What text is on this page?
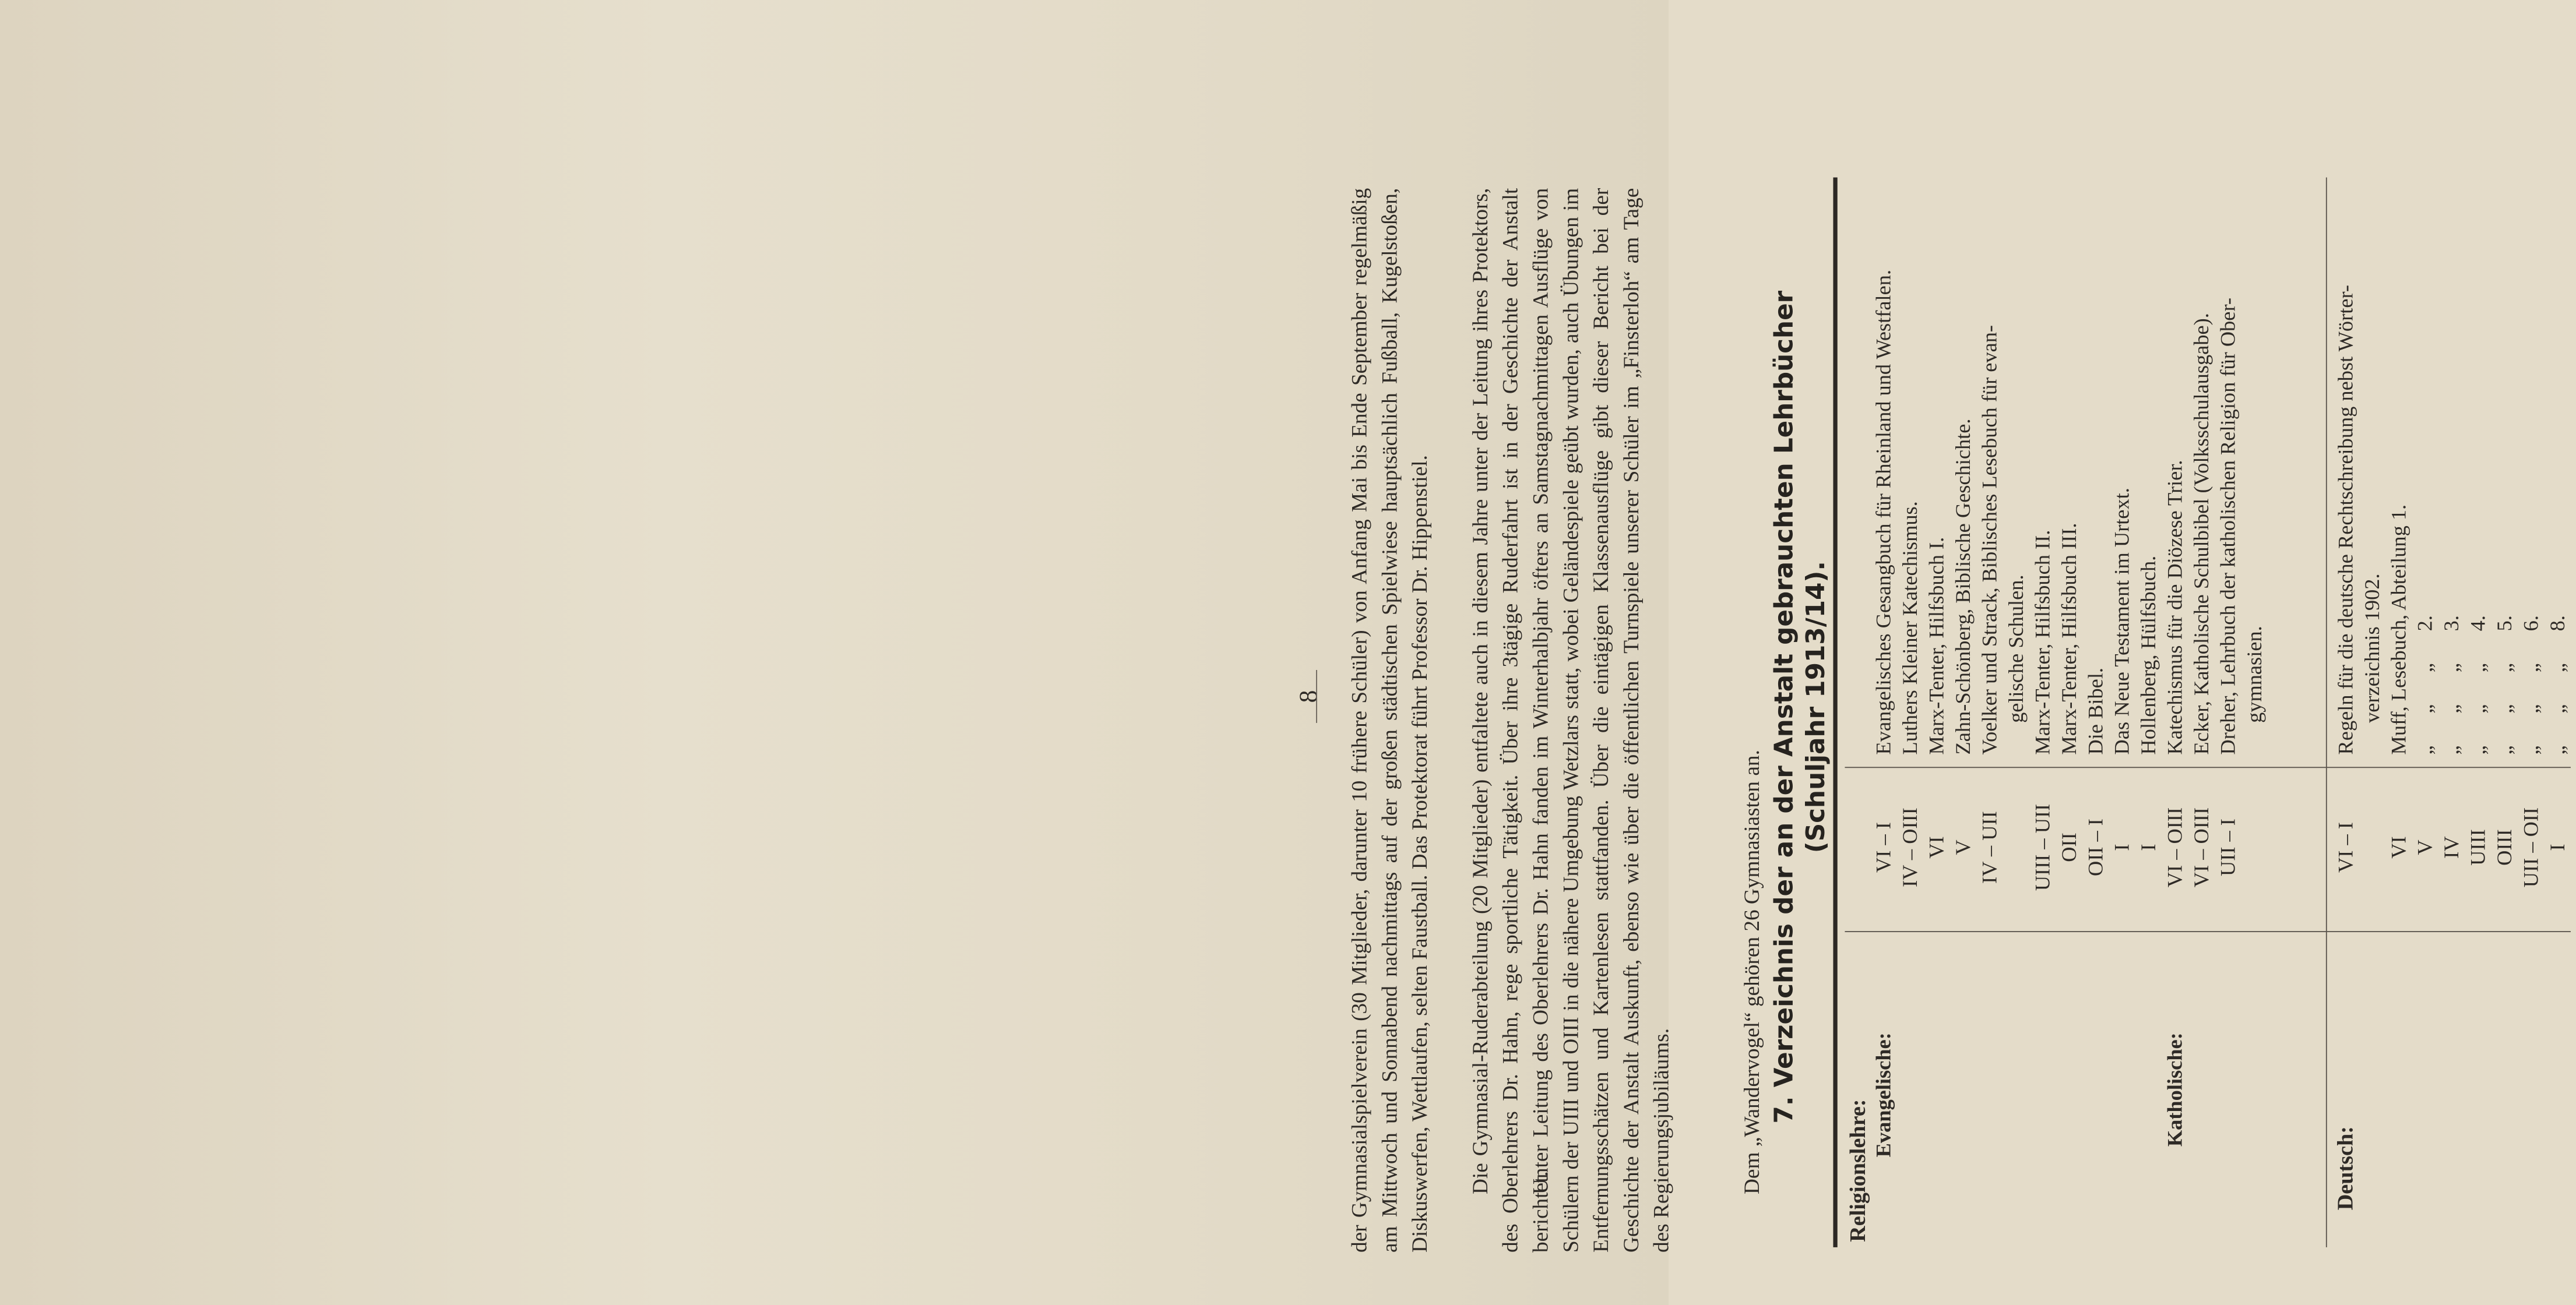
8 der Gymnasialspielverein (30 Mitglieder, darunter 10 frühere Schüler) von Anfang Mai bis Ende September regelmäßig am Mittwoch und Sonnabend nachmittags auf der großen städtischen Spielwiese hauptsächlich Fußball, Kugelstoßen, Diskuswerfen, Wettlaufen, selten Faustball. Das Protektorat führt Professor Dr. Hippenstiel. Die Gymnasial-Ruderabteilung (20 Mitglieder) entfaltete auch in diesem Jahre unter der Leitung ihres Protektors, des Oberlehrers Dr. Hahn, rege sportliche Tätigkeit. Über ihre 3tägige Ruderfahrt ist in der Geschichte der Anstalt berichtet.
Unter Leitung des Oberlehrers Dr. Hahn fanden im Winterhalbjahr öfters an Samstagnachmittagen Ausflüge von Schülern der UIII und OIII in die nähere Umgebung Wetzlars statt, wobei Geländespiele geübt wurden, auch Übungen im Entfernungsschätzen und Kartenlesen stattfanden. Über die eintägigen Klassenausflüge gibt dieser Bericht bei der Geschichte der Anstalt Auskunft, ebenso wie über die öffentlichen Turnspiele unserer Schüler im „Finsterloh“ am Tage des Regierungsjubiläums.	Dem „Wandervogel“ gehören 26 Gymnasiasten an. 7. Verzeichnis der an der Anstalt gebrauchten Lehrbücher (Schuljahr 1913/14).
Religionslehre:
Evangelische:
VI – I
Evangelisches Gesangbuch für Rheinland und Westfalen.
IV – OIII
Luthers Kleiner Katechismus.
VI
Marx-Tenter, Hilfsbuch I.
V
Zahn-Schönberg, Biblische Geschichte.
IV – UII
Voelker und Strack, Biblisches Lesebuch für evan- gelische Schulen.
UIII – UII
Marx-Tenter, Hilfsbuch II.
OII
Marx-Tenter, Hilfsbuch III.
OII – I
Die Bibel.
I
Das Neue Testament im Urtext.
I
Hollenberg, Hülfsbuch.
Katholische:
VI – OIII
Katechismus für die Diözese Trier.
VI – OIII
Ecker, Katholische Schulbibel (Volksschulausgabe).
UII – I
Dreher, Lehrbuch der katholischen Religion für Ober- gymnasien.
Deutsch:
VI – I
Regeln für die deutsche Rechtschreibung nebst Wörter- verzeichnis 1902.
VI
Muff, Lesebuch, Abteilung 1.
V
„      „      „      2.
IV
„      „      „      3.
UIII
„      „      „      4.
OIII
„      „      „      5.
UII – OII
„      „      „      6.
I
„      „      „      8.
